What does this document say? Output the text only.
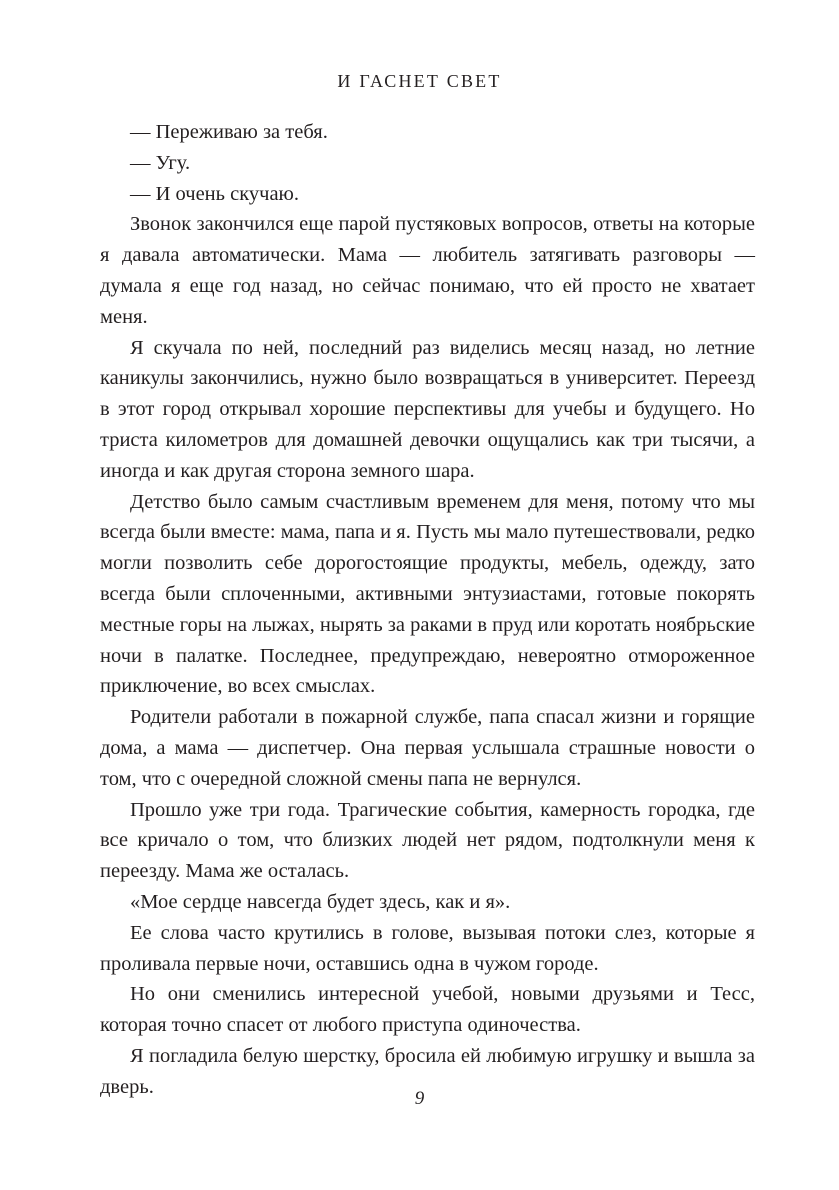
И ГАСНЕТ СВЕТ

— Переживаю за тебя.

— Угу.

— И очень скучаю.

Звонок закончился еще парой пустяковых вопросов, ответы на которые я давала автоматически. Мама — любитель затягивать разговоры — думала я еще год назад, но сейчас понимаю, что ей просто не хватает меня.

Я скучала по ней, последний раз виделись месяц назад, но летние каникулы закончились, нужно было возвращаться в университет. Переезд в этот город открывал хорошие перспективы для учебы и будущего. Но триста километров для домашней девочки ощущались как три тысячи, а иногда и как другая сторона земного шара.

Детство было самым счастливым временем для меня, потому что мы всегда были вместе: мама, папа и я. Пусть мы мало путешествовали, редко могли позволить себе дорогостоящие продукты, мебель, одежду, зато всегда были сплоченными, активными энтузиастами, готовые покорять местные горы на лыжах, нырять за раками в пруд или коротать ноябрьские ночи в палатке. Последнее, предупреждаю, невероятно отмороженное приключение, во всех смыслах.

Родители работали в пожарной службе, папа спасал жизни и горящие дома, а мама — диспетчер. Она первая услышала страшные новости о том, что с очередной сложной смены папа не вернулся.

Прошло уже три года. Трагические события, камерность городка, где все кричало о том, что близких людей нет рядом, подтолкнули меня к переезду. Мама же осталась.

«Мое сердце навсегда будет здесь, как и я».

Ее слова часто крутились в голове, вызывая потоки слез, которые я проливала первые ночи, оставшись одна в чужом городе.

Но они сменились интересной учебой, новыми друзьями и Тесс, которая точно спасет от любого приступа одиночества.

Я погладила белую шерстку, бросила ей любимую игрушку и вышла за дверь.

9
